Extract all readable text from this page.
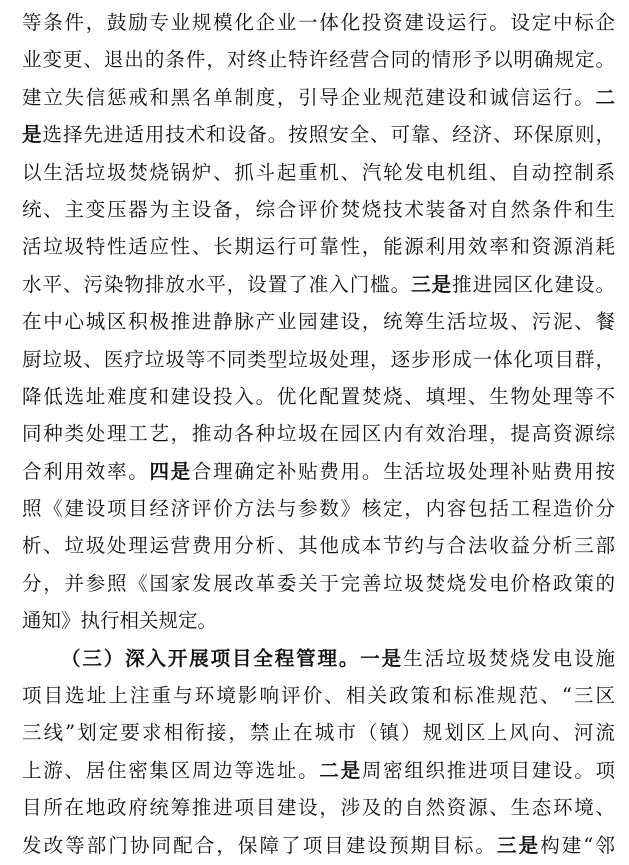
等条件，鼓励专业规模化企业一体化投资建设运行。设定中标企
业变更、退出的条件，对终止特许经营合同的情形予以明确规定。
建立失信惩戒和黑名单制度，引导企业规范建设和诚信运行。二
是选择先进适用技术和设备。按照安全、可靠、经济、环保原则，
以生活垃圾焚烧锅炉、抓斗起重机、汽轮发电机组、自动控制系
统、主变压器为主设备，综合评价焚烧技术装备对自然条件和生
活垃圾特性适应性、长期运行可靠性，能源利用效率和资源消耗
水平、污染物排放水平，设置了准入门槛。三是推进园区化建设。
在中心城区积极推进静脉产业园建设，统筹生活垃圾、污泥、餐
厨垃圾、医疗垃圾等不同类型垃圾处理，逐步形成一体化项目群，
降低选址难度和建设投入。优化配置焚烧、填埋、生物处理等不
同种类处理工艺，推动各种垃圾在园区内有效治理，提高资源综
合利用效率。四是合理确定补贴费用。生活垃圾处理补贴费用按
照《建设项目经济评价方法与参数》核定，内容包括工程造价分
析、垃圾处理运营费用分析、其他成本节约与合法收益分析三部
分，并参照《国家发展改革委关于完善垃圾焚烧发电价格政策的
通知》执行相关规定。
（三）深入开展项目全程管理。一是生活垃圾焚烧发电设施
项目选址上注重与环境影响评价、相关政策和标准规范、“三区
三线”划定要求相衔接，禁止在城市（镇）规划区上风向、河流
上游、居住密集区周边等选址。二是周密组织推进项目建设。项
目所在地政府统筹推进项目建设，涉及的自然资源、生态环境、
发改等部门协同配合，保障了项目建设预期目标。三是构建“邻
